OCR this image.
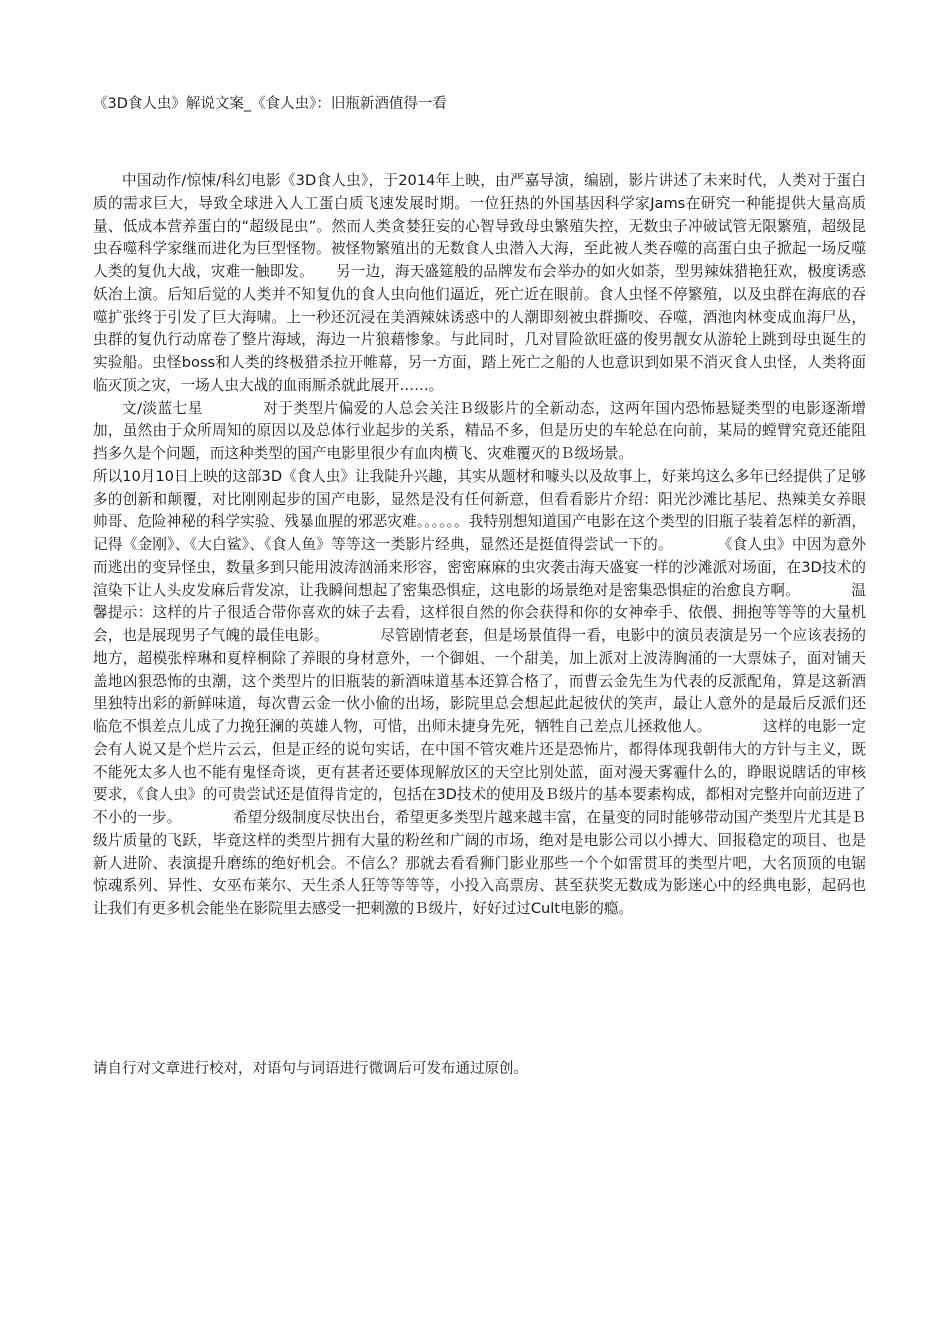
《3D食人虫》解说文案_《食人虫》：旧瓶新酒值得一看

中国动作/惊悚/科幻电影《3D食人虫》，于2014年上映，由严嘉导演，编剧，影片讲述了未来时代，人类对于蛋白质的需求巨大，导致全球进入人工蛋白质飞速发展时期。一位狂热的外国基因科学家Jams在研究一种能提供大量高质量、低成本营养蛋白的“超级昆虫”。然而人类贪婪狂妄的心智导致母虫繁殖失控，无数虫子冲破试管无限繁殖，超级昆虫吞噬科学家继而进化为巨型怪物。被怪物繁殖出的无数食人虫潜入大海，至此被人类吞噬的高蛋白虫子掀起一场反噬人类的复仇大战，灾难一触即发。　　另一边，海天盛筵般的品牌发布会举办的如火如荼，型男辣妹猎艳狂欢，极度诱惑妖冶上演。后知后觉的人类并不知复仇的食人虫向他们逼近，死亡近在眼前。食人虫怪不停繁殖，以及虫群在海底的吞噬扩张终于引发了巨大海啸。上一秒还沉浸在美酒辣妹诱惑中的人潮即刻被虫群撕咬、吞噬，酒池肉林变成血海尸丛，虫群的复仇行动席卷了整片海域，海边一片狼藉惨象。与此同时，几对冒险欲旺盛的俊男靓女从游轮上跳到母虫诞生的实验船。虫怪boss和人类的终极猎杀拉开帷幕，另一方面，踏上死亡之船的人也意识到如果不消灭食人虫怪，人类将面临灭顶之灾，一场人虫大战的血雨厮杀就此展开……。

文/淡蓝七星　　　　对于类型片偏爱的人总会关注Ｂ级影片的全新动态，这两年国内恐怖悬疑类型的电影逐渐增加，虽然由于众所周知的原因以及总体行业起步的关系，精品不多，但是历史的车轮总在向前，某局的螳臂究竟还能阻挡多久是个问题，而这种类型的国产电影里很少有血肉横飞、灾难覆灭的Ｂ级场景。

所以10月10日上映的这部3D《食人虫》让我陡升兴趣，其实从题材和噱头以及故事上，好莱坞这么多年已经提供了足够多的创新和颠覆，对比刚刚起步的国产电影，显然是没有任何新意，但看看影片介绍：阳光沙滩比基尼、热辣美女养眼帅哥、危险神秘的科学实验、残暴血腥的邪恶灾难。。。。。。我特别想知道国产电影在这个类型的旧瓶子装着怎样的新酒，记得《金刚》、《大白鲨》、《食人鱼》等等这一类影片经典，显然还是挺值得尝试一下的。　　　　《食人虫》中因为意外而逃出的变异怪虫，数量多到只能用波涛汹涌来形容，密密麻麻的虫灾袭击海天盛宴一样的沙滩派对场面，在3D技术的渲染下让人头皮发麻后背发凉，让我瞬间想起了密集恐惧症，这电影的场景绝对是密集恐惧症的治愈良方啊。　　　　温馨提示：这样的片子很适合带你喜欢的妹子去看，这样很自然的你会获得和你的女神牵手、依偎、拥抱等等等的大量机会，也是展现男子气魄的最佳电影。　　　　尽管剧情老套，但是场景值得一看，电影中的演员表演是另一个应该表扬的地方，超模张梓琳和夏梓桐除了养眼的身材意外，一个御姐、一个甜美，加上派对上波涛胸涌的一大票妹子，面对铺天盖地凶狠恐怖的虫潮，这个类型片的旧瓶装的新酒味道基本还算合格了，而曹云金先生为代表的反派配角，算是这新酒里独特出彩的新鲜味道，每次曹云金一伙小偷的出场，影院里总会想起此起彼伏的笑声，最让人意外的是最后反派们还临危不惧差点儿成了力挽狂澜的英雄人物，可惜，出师未捷身先死，牺牲自己差点儿拯救他人。　　　　这样的电影一定会有人说又是个烂片云云，但是正经的说句实话，在中国不管灾难片还是恐怖片，都得体现我朝伟大的方针与主义，既不能死太多人也不能有鬼怪奇谈，更有甚者还要体现解放区的天空比别处蓝，面对漫天雾霾什么的，睁眼说瞎话的审核要求，《食人虫》的可贵尝试还是值得肯定的，包括在3D技术的使用及Ｂ级片的基本要素构成，都相对完整并向前迈进了不小的一步。　　　　希望分级制度尽快出台，希望更多类型片越来越丰富，在量变的同时能够带动国产类型片尤其是Ｂ级片质量的飞跃，毕竟这样的类型片拥有大量的粉丝和广阔的市场，绝对是电影公司以小搏大、回报稳定的项目、也是新人进阶、表演提升磨练的绝好机会。不信么？那就去看看狮门影业那些一个个如雷贯耳的类型片吧，大名顶顶的电锯惊魂系列、异性、女巫布莱尔、天生杀人狂等等等等，小投入高票房、甚至获奖无数成为影迷心中的经典电影，起码也让我们有更多机会能坐在影院里去感受一把刺激的Ｂ级片，好好过过Cult电影的瘾。

请自行对文章进行校对，对语句与词语进行微调后可发布通过原创。
